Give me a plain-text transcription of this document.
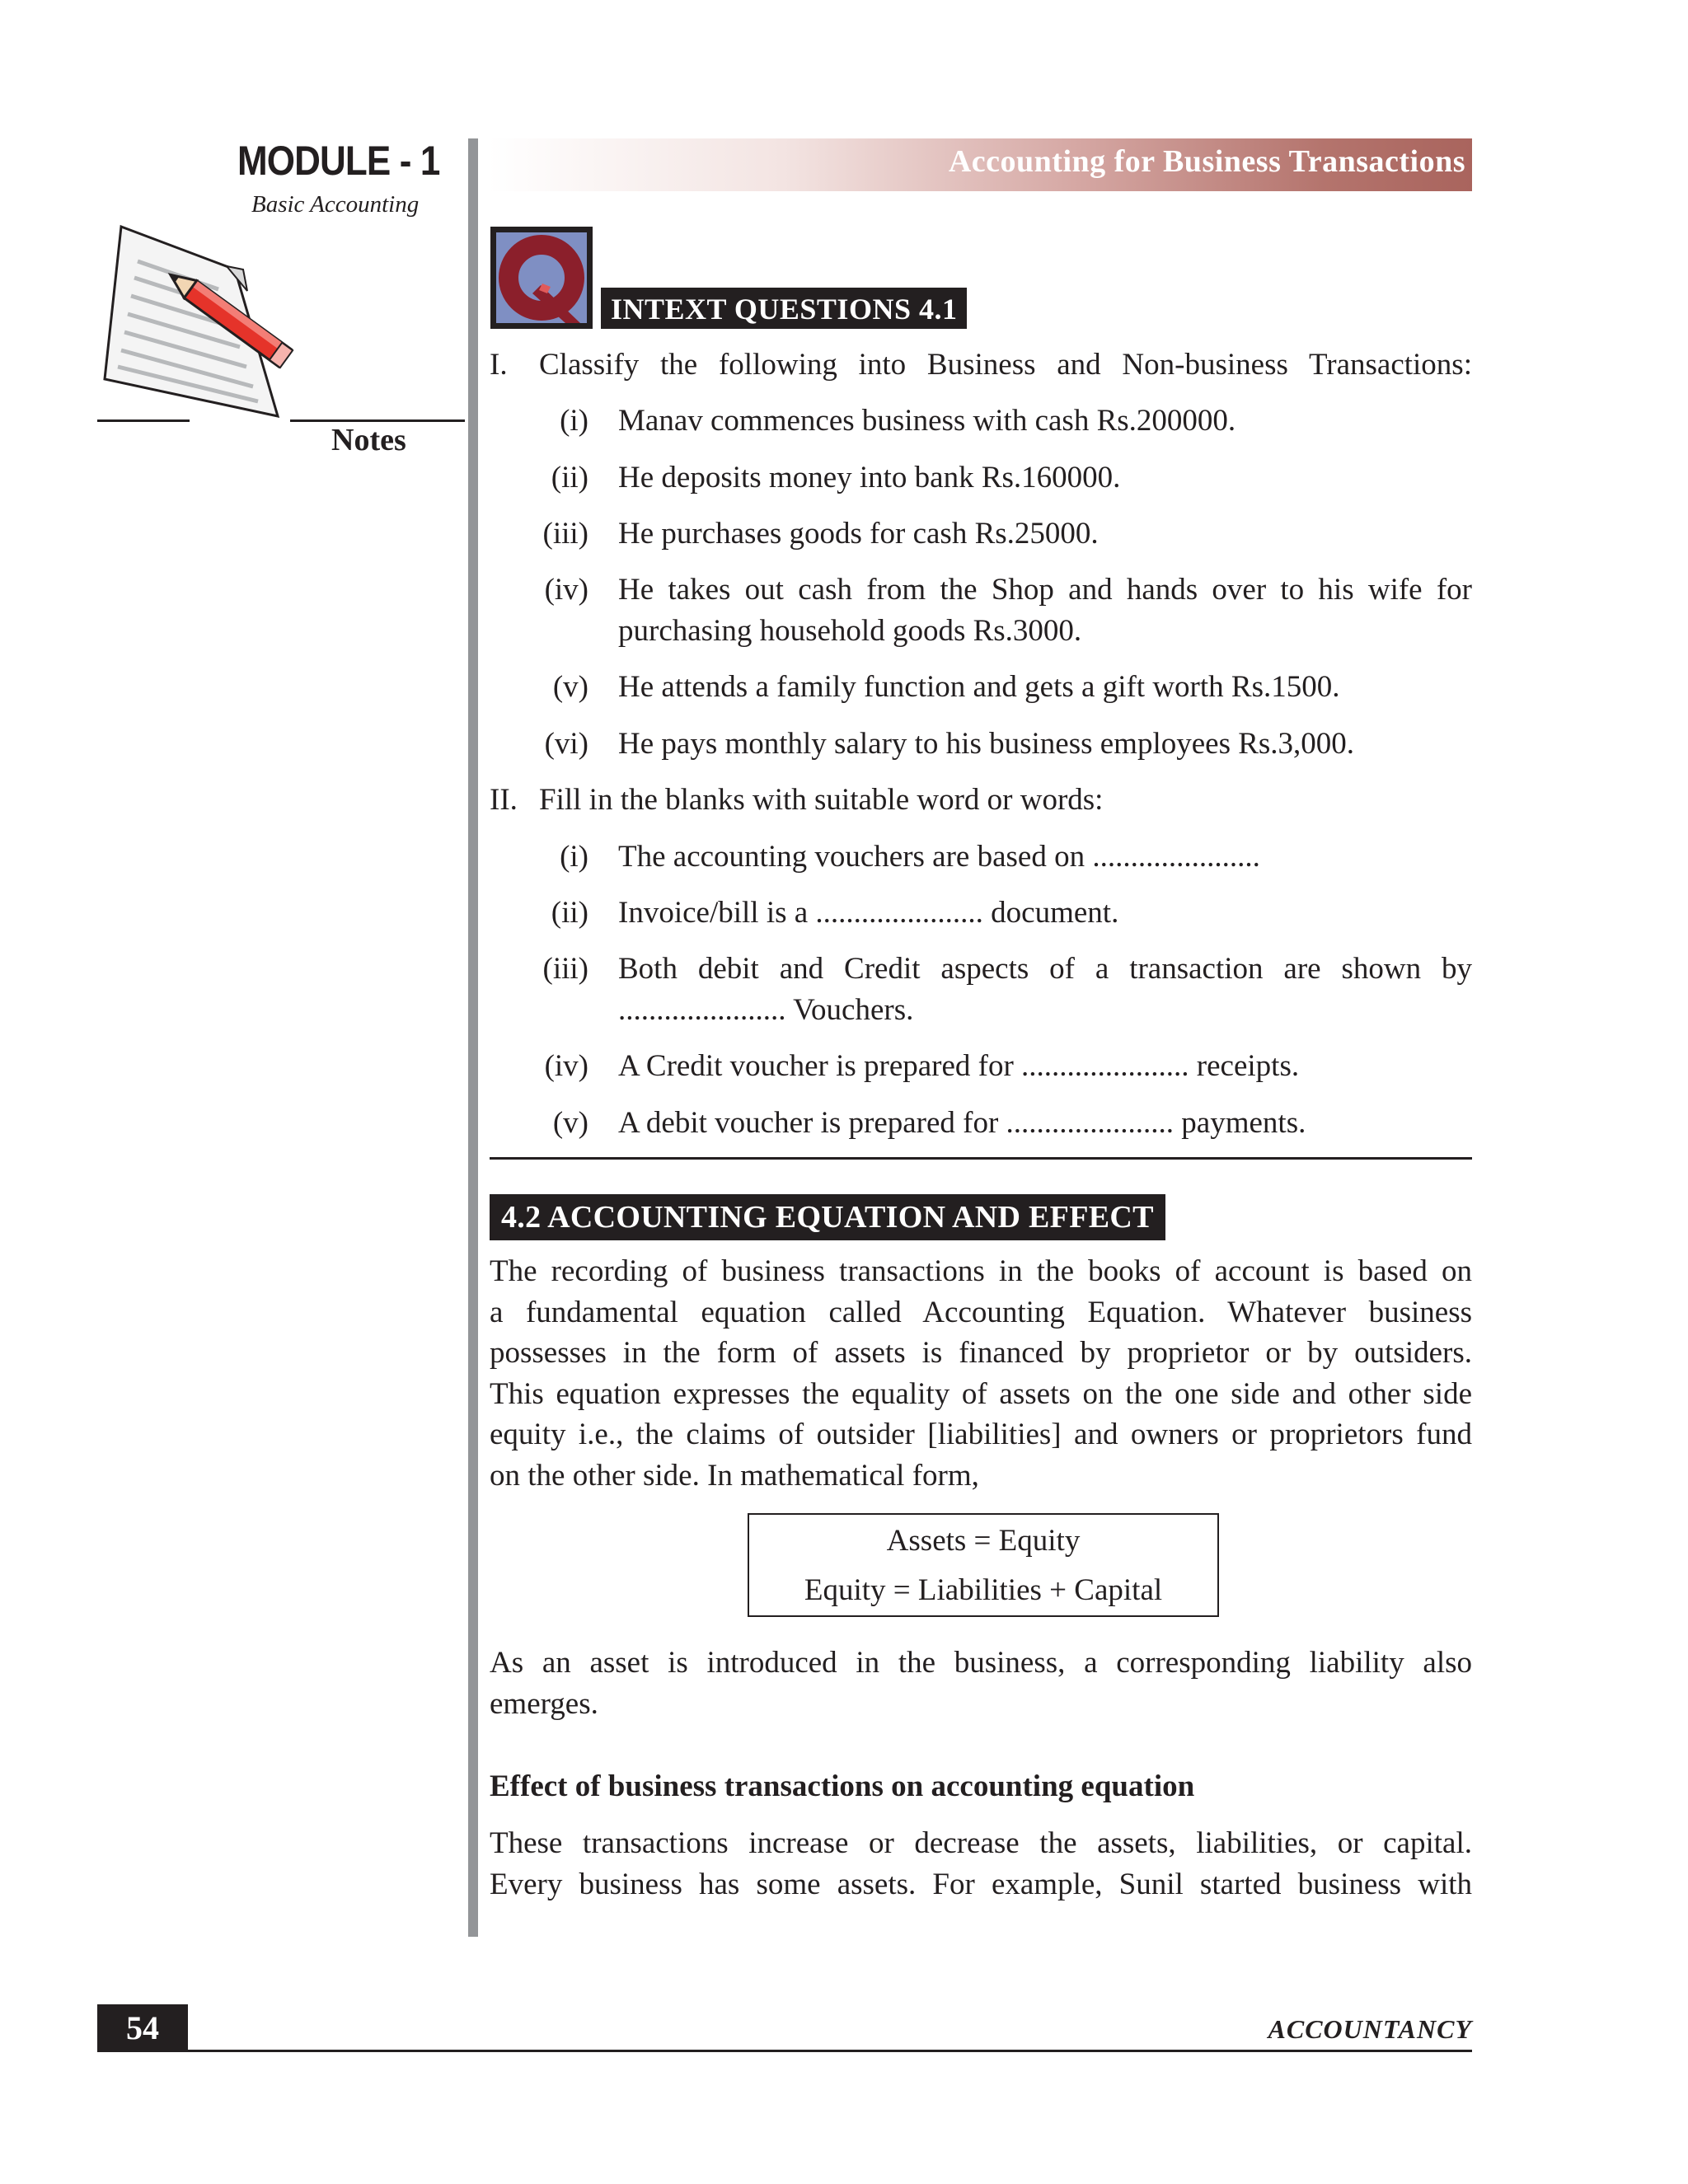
MODULE - 1
Basic Accounting
Notes
Accounting for Business Transactions
INTEXT QUESTIONS 4.1
I. Classify the following into Business and Non-business Transactions:
(i) Manav commences business with cash Rs.200000.
(ii) He deposits money into bank Rs.160000.
(iii) He purchases goods for cash Rs.25000.
(iv) He takes out cash from the Shop and hands over to his wife for
purchasing household goods Rs.3000.
(v) He attends a family function and gets a gift worth Rs.1500.
(vi) He pays monthly salary to his business employees Rs.3,000.
II. Fill in the blanks with suitable word or words:
(i) The accounting vouchers are based on ......................
(ii) Invoice/bill is a ...................... document.
(iii) Both debit and Credit aspects of a transaction are shown by
...................... Vouchers.
(iv) A Credit voucher is prepared for ...................... receipts.
(v) A debit voucher is prepared for ...................... payments.
4.2 ACCOUNTING EQUATION AND EFFECT
The recording of business transactions in the books of account is based on
a fundamental equation called Accounting Equation. Whatever business
possesses in the form of assets is financed by proprietor or by outsiders.
This equation expresses the equality of assets on the one side and other side
equity i.e., the claims of outsider [liabilities] and owners or proprietors fund
on the other side. In mathematical form,
Assets = Equity
Equity = Liabilities + Capital
As an asset is introduced in the business, a corresponding liability also
emerges.
Effect of business transactions on accounting equation
These transactions increase or decrease the assets, liabilities, or capital.
Every business has some assets. For example, Sunil started business with
54	ACCOUNTANCY
